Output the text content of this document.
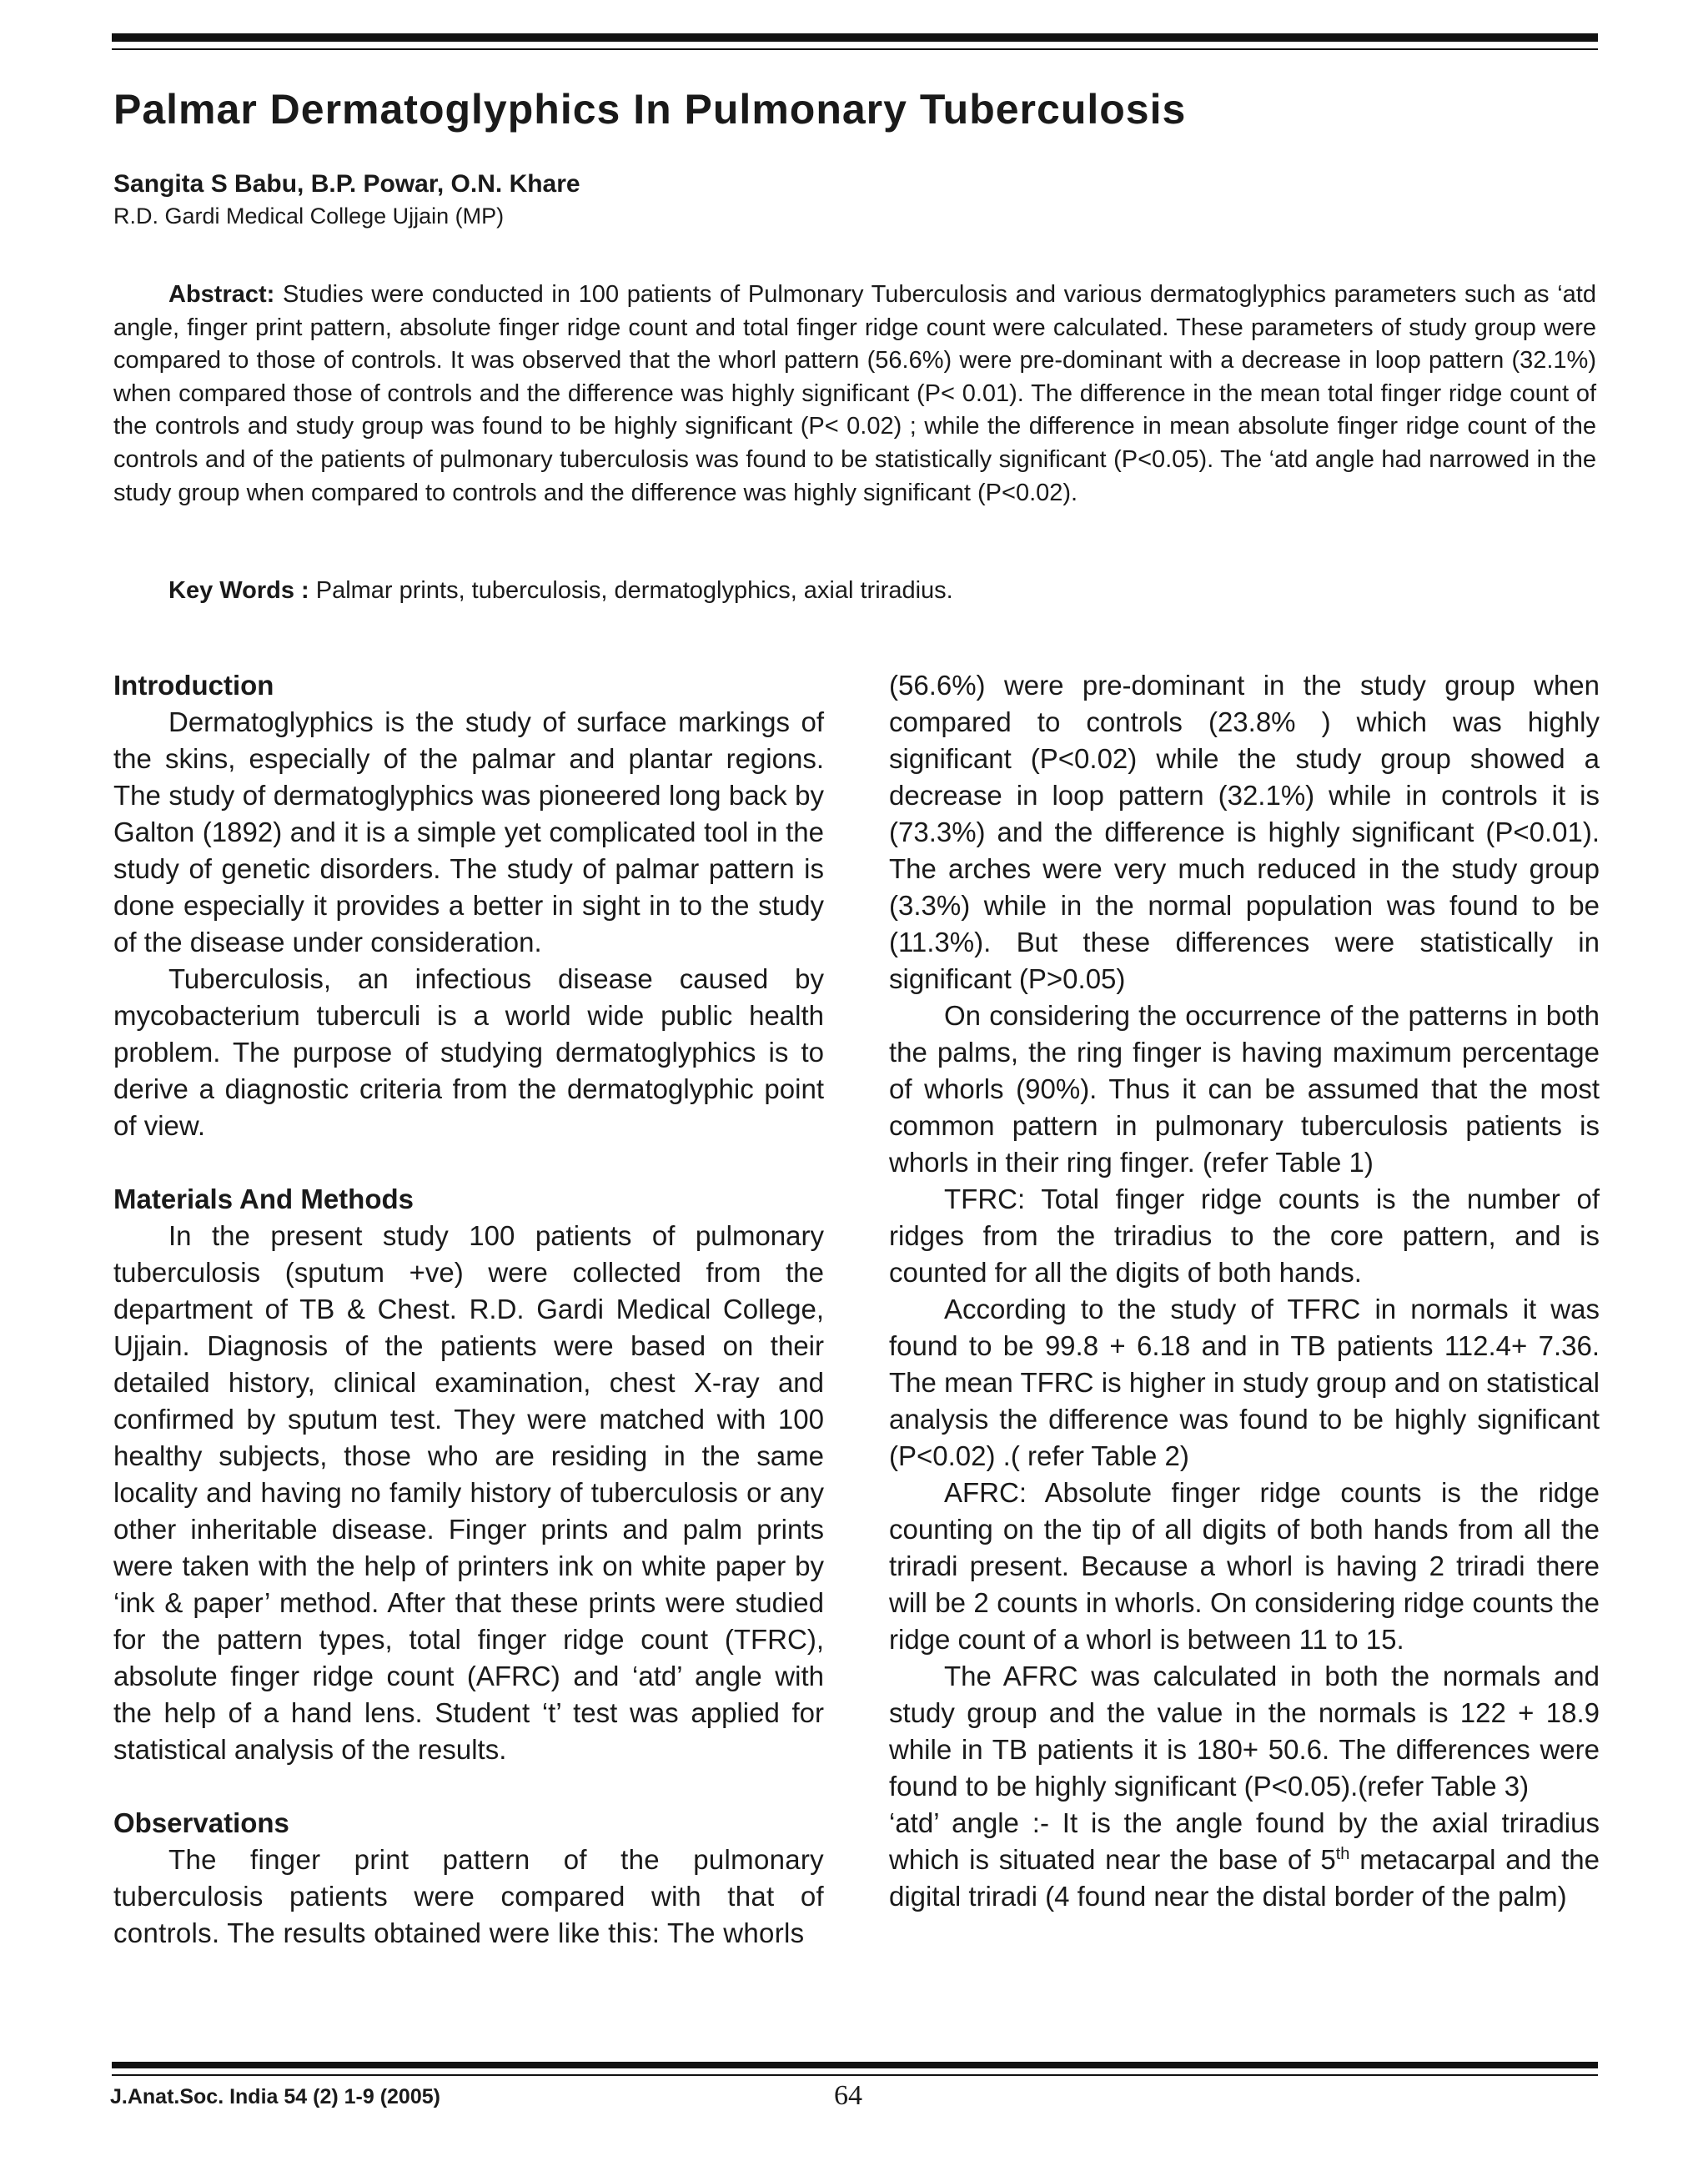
Palmar Dermatoglyphics In Pulmonary Tuberculosis
Sangita S Babu, B.P. Powar, O.N. Khare
R.D. Gardi Medical College Ujjain (MP)

Abstract: Studies were conducted in 100 patients of Pulmonary Tuberculosis and various dermatoglyphics parameters such as ‘atd angle, finger print pattern, absolute finger ridge count and total finger ridge count were calculated. These parameters of study group were compared to those of controls. It was observed that the whorl pattern (56.6%) were pre-dominant with a decrease in loop pattern (32.1%) when compared those of controls and the difference was highly significant (P< 0.01). The difference in the mean total finger ridge count of the controls and study group was found to be highly significant (P< 0.02) ; while the difference in mean absolute finger ridge count of the controls and of the patients of pulmonary tuberculosis was found to be statistically significant (P<0.05). The ‘atd angle had narrowed in the study group when compared to controls and the difference was highly significant (P<0.02).

Key Words : Palmar prints, tuberculosis, dermatoglyphics, axial triradius.

Introduction

Dermatoglyphics is the study of surface markings of the skins, especially of the palmar and plantar regions. The study of dermatoglyphics was pioneered long back by Galton (1892) and it is a simple yet complicated tool in the study of genetic disorders. The study of palmar pattern is done especially it provides a better in sight in to the study of the disease under consideration.

Tuberculosis, an infectious disease caused by mycobacterium tuberculi is a world wide public health problem. The purpose of studying dermatoglyphics is to derive a diagnostic criteria from the dermatoglyphic point of view.

Materials And Methods

In the present study 100 patients of pulmonary tuberculosis (sputum +ve) were collected from the department of TB & Chest. R.D. Gardi Medical College, Ujjain. Diagnosis of the patients were based on their detailed history, clinical examination, chest X-ray and confirmed by sputum test. They were matched with 100 healthy subjects, those who are residing in the same locality and having no family history of tuberculosis or any other inheritable disease. Finger prints and palm prints were taken with the help of printers ink on white paper by ‘ink & paper’ method. After that these prints were studied for the pattern types, total finger ridge count (TFRC), absolute finger ridge count (AFRC) and ‘atd’ angle with the help of a hand lens. Student ‘t’ test was applied for statistical analysis of the results.

Observations

The finger print pattern of the pulmonary tuberculosis patients were compared with that of controls. The results obtained were like this: The whorls

(56.6%) were pre-dominant in the study group when compared to controls (23.8% ) which was highly significant (P<0.02) while the study group showed a decrease in loop pattern (32.1%) while in controls it is (73.3%) and the difference is highly significant (P<0.01). The arches were very much reduced in the study group (3.3%) while in the normal population was found to be (11.3%). But these differences were statistically in significant (P>0.05)

On considering the occurrence of the patterns in both the palms, the ring finger is having maximum percentage of whorls (90%). Thus it can be assumed that the most common pattern in pulmonary tuberculosis patients is whorls in their ring finger. (refer Table 1)

TFRC: Total finger ridge counts is the number of ridges from the triradius to the core pattern, and is counted for all the digits of both hands.

According to the study of TFRC in normals it was found to be 99.8 + 6.18 and in TB patients 112.4+ 7.36. The mean TFRC is higher in study group and on statistical analysis the difference was found to be highly significant (P<0.02) .( refer Table 2)

AFRC: Absolute finger ridge counts is the ridge counting on the tip of all digits of both hands from all the triradi present. Because a whorl is having 2 triradi there will be 2 counts in whorls. On considering ridge counts the ridge count of a whorl is between 11 to 15.

The AFRC was calculated in both the normals and study group and the value in the normals is 122 + 18.9 while in TB patients it is 180+ 50.6. The differences were found to be highly significant (P<0.05).(refer Table 3)

‘atd’ angle :- It is the angle found by the axial triradius which is situated near the base of 5th metacarpal and the digital triradi (4 found near the distal border of the palm)

J.Anat.Soc. India 54 (2) 1-9 (2005)	64
